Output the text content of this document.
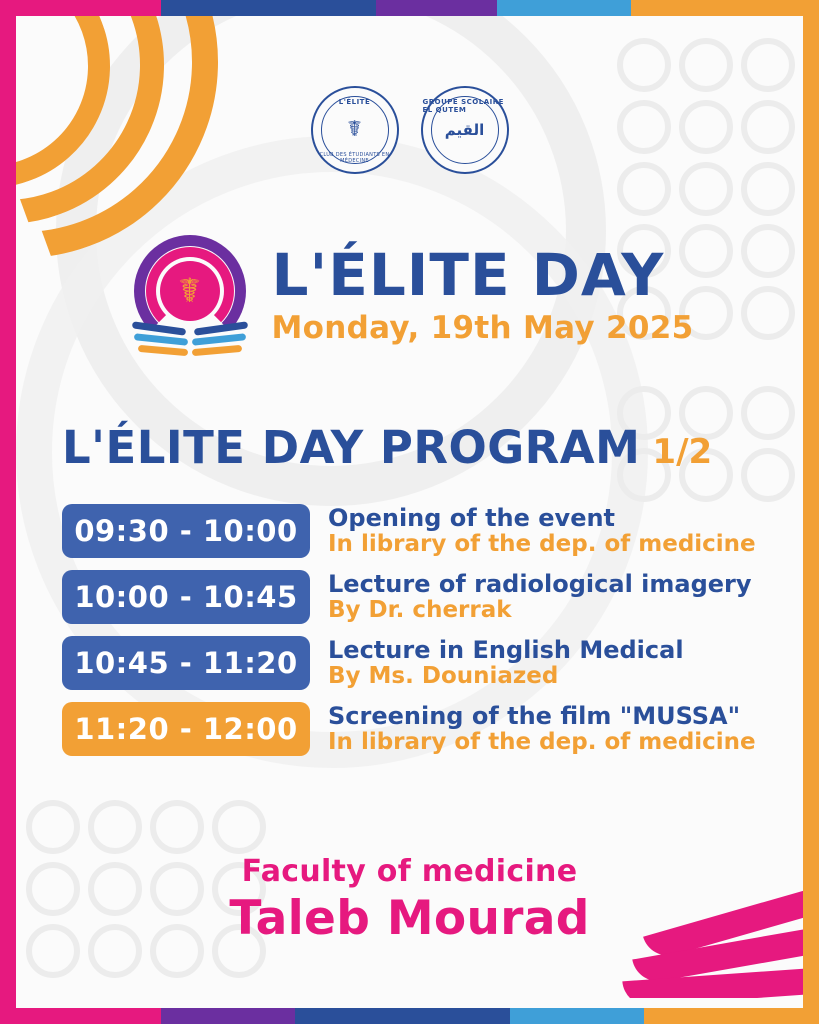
L'ÉLITE
☤
CLUB DES ÉTUDIANTS EN MÉDECINE
GROUPE SCOLAIRE EL QUTEM
القيم
☤	L'ÉLITE DAY
Monday, 19th May 2025
L'ÉLITE DAY PROGRAM 1/2
09:30 - 10:00	Opening of the event
In library of the dep. of medicine
10:00 - 10:45	Lecture of radiological imagery
By Dr. cherrak
10:45 - 11:20	Lecture in English Medical
By Ms. Douniazed
11:20 - 12:00	Screening of the film "MUSSA"
In library of the dep. of medicine
Faculty of medicine
Taleb Mourad
